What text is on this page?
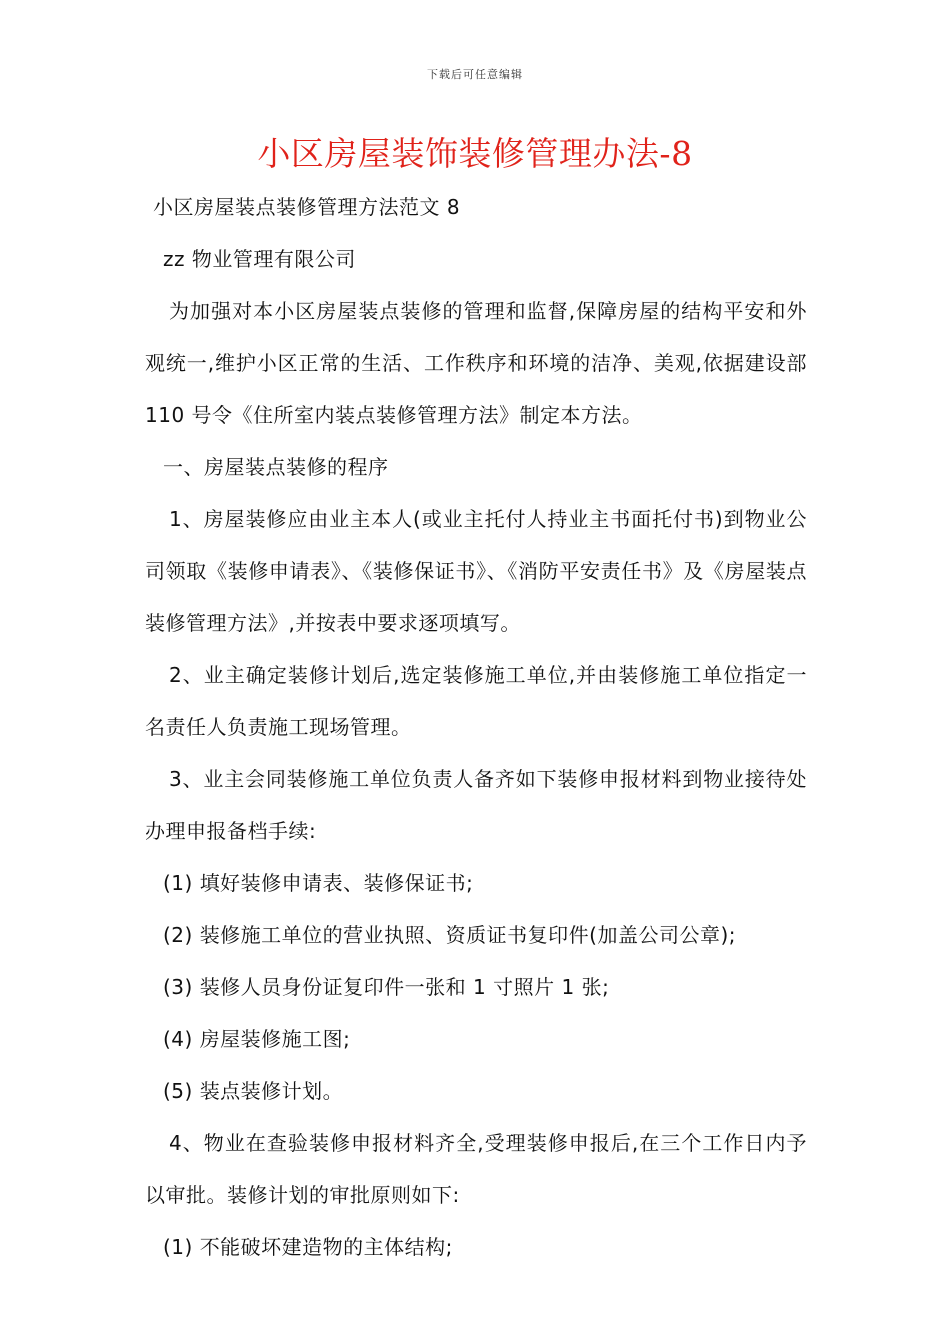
下载后可任意编辑
小区房屋装饰装修管理办法-8

小区房屋装点装修管理方法范文 8

zz 物业管理有限公司

为加强对本小区房屋装点装修的管理和监督,保障房屋的结构平安和外观统一,维护小区正常的生活、工作秩序和环境的洁净、美观,依据建设部 110 号令《住所室内装点装修管理方法》制定本方法。

一、房屋装点装修的程序

1、房屋装修应由业主本人(或业主托付人持业主书面托付书)到物业公司领取《装修申请表》、《装修保证书》、《消防平安责任书》及《房屋装点装修管理方法》,并按表中要求逐项填写。

2、业主确定装修计划后,选定装修施工单位,并由装修施工单位指定一名责任人负责施工现场管理。

3、业主会同装修施工单位负责人备齐如下装修申报材料到物业接待处办理申报备档手续:

(1) 填好装修申请表、装修保证书;

(2) 装修施工单位的营业执照、资质证书复印件(加盖公司公章);

(3) 装修人员身份证复印件一张和 1 寸照片 1 张;

(4) 房屋装修施工图;

(5) 装点装修计划。

4、物业在查验装修申报材料齐全,受理装修申报后,在三个工作日内予以审批。装修计划的审批原则如下:

(1) 不能破坏建造物的主体结构;
